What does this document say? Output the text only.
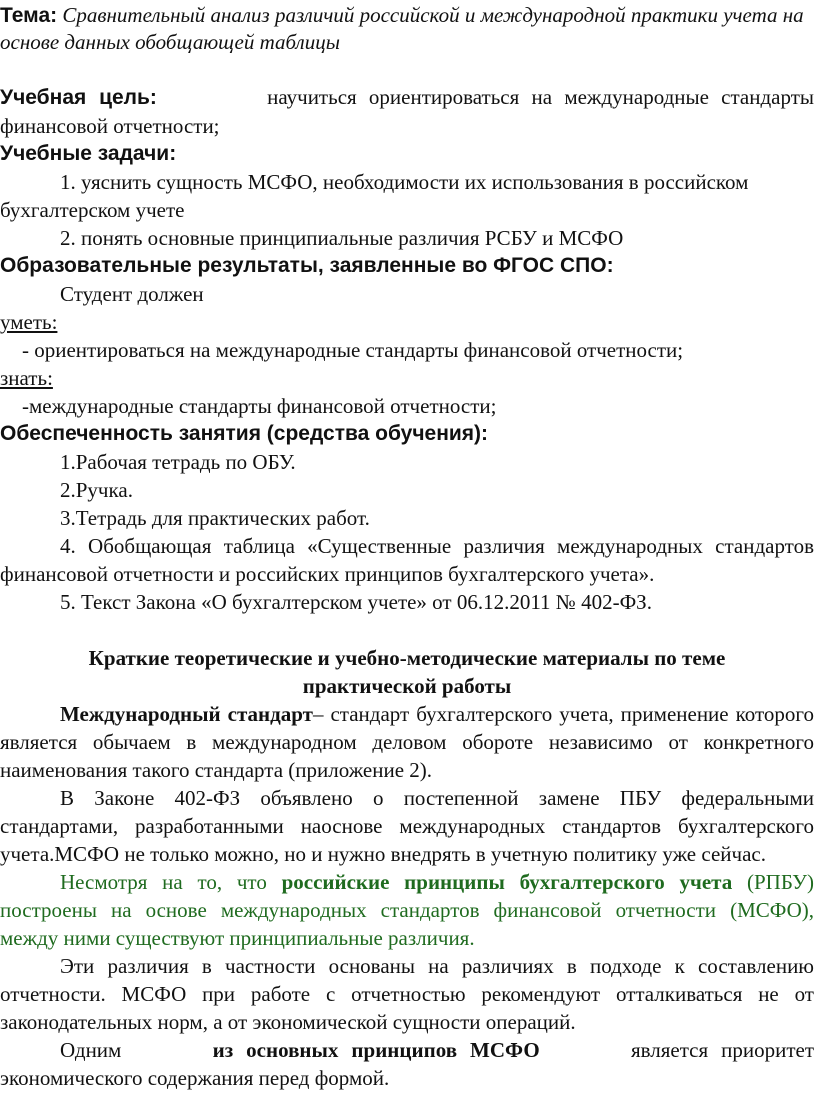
Тема: Сравнительный анализ различий российской и международной практики учета на основе данных обобщающей таблицы

Учебная цель:	научиться ориентироваться на международные стандарты финансовой отчетности;

Учебные задачи:

1. уяснить сущность МСФО, необходимости их использования в российском бухгалтерском учете

2. понять основные принципиальные различия РСБУ и МСФО

Образовательные результаты, заявленные во ФГОС СПО:

Студент должен

уметь:

- ориентироваться на международные стандарты финансовой отчетности;

знать:

-международные стандарты финансовой отчетности;

Обеспеченность занятия (средства обучения):

1.Рабочая тетрадь по ОБУ.

2.Ручка.

3.Тетрадь для практических работ.

4. Обобщающая таблица «Существенные различия международных стандартов финансовой отчетности и российских принципов бухгалтерского учета».

5. Текст Закона «О бухгалтерском учете» от 06.12.2011 № 402-ФЗ.

Краткие теоретические и учебно-методические материалы по теме

практической работы

Международный стандарт– стандарт бухгалтерского учета, применение которого является обычаем в международном деловом обороте независимо от конкретного наименования такого стандарта (приложение 2).

В Законе 402-ФЗ объявлено о постепенной замене ПБУ федеральными стандартами, разработанными наоснове международных стандартов бухгалтерского учета.МСФО не только можно, но и нужно внедрять в учетную политику уже сейчас.

Несмотря на то, что российские принципы бухгалтерского учета (РПБУ) построены на основе международных стандартов финансовой отчетности (МСФО), между ними существуют принципиальные различия.

Эти различия в частности основаны на различиях в подходе к составлению отчетности. МСФО при работе с отчетностью рекомендуют отталкиваться не от законодательных норм, а от экономической сущности операций.

Одним	из основных принципов МСФО	является приоритет экономического содержания перед формой.
